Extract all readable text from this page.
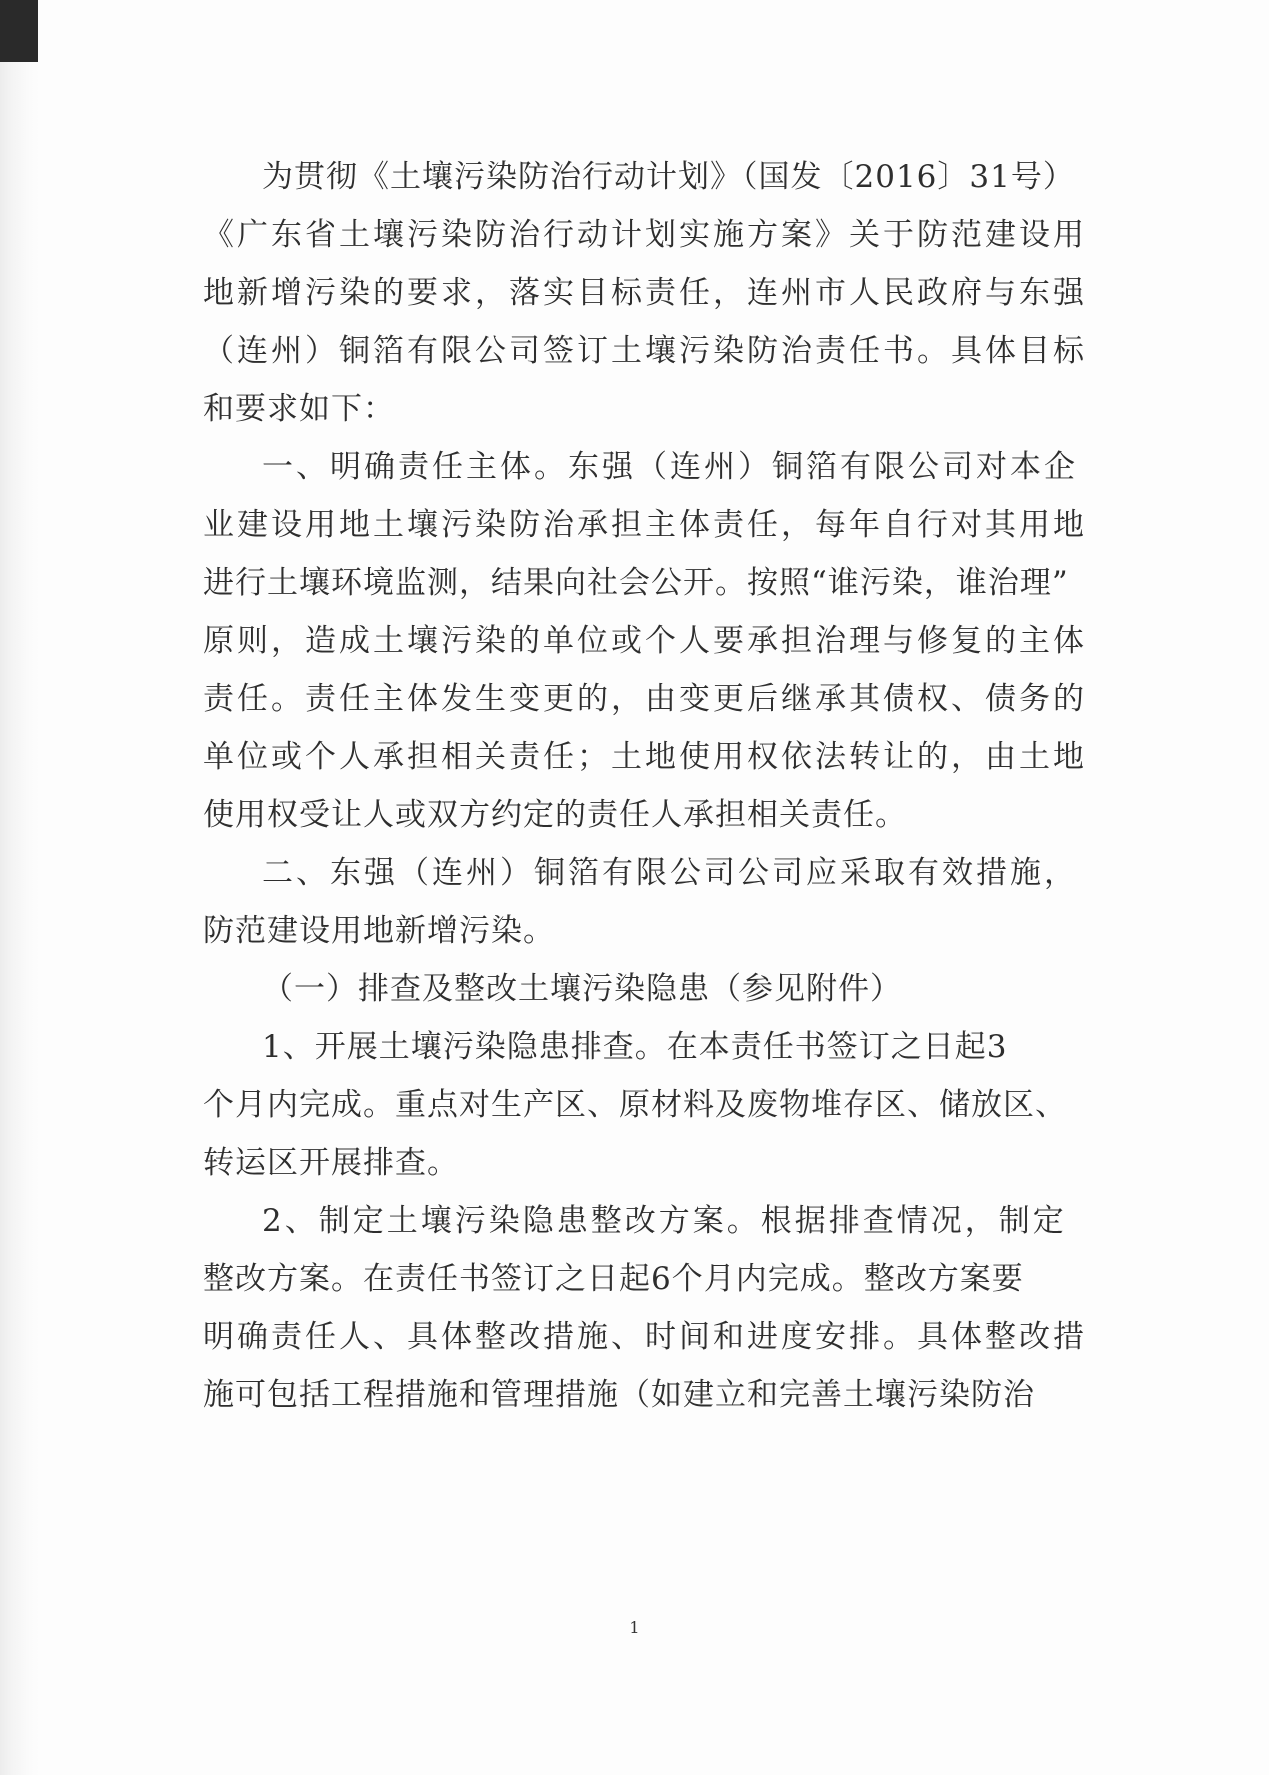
为贯彻《土壤污染防治行动计划》（国发〔2016〕31号）

《广东省土壤污染防治行动计划实施方案》关于防范建设用

地新增污染的要求，落实目标责任，连州市人民政府与东强

（连州）铜箔有限公司签订土壤污染防治责任书。具体目标

和要求如下：

一、明确责任主体。东强（连州）铜箔有限公司对本企

业建设用地土壤污染防治承担主体责任，每年自行对其用地

进行土壤环境监测，结果向社会公开。按照“谁污染，谁治理”

原则，造成土壤污染的单位或个人要承担治理与修复的主体

责任。责任主体发生变更的，由变更后继承其债权、债务的

单位或个人承担相关责任；土地使用权依法转让的，由土地

使用权受让人或双方约定的责任人承担相关责任。

二、东强（连州）铜箔有限公司公司应采取有效措施，

防范建设用地新增污染。

（一）排查及整改土壤污染隐患（参见附件）

1、开展土壤污染隐患排查。在本责任书签订之日起3

个月内完成。重点对生产区、原材料及废物堆存区、储放区、

转运区开展排查。

2、制定土壤污染隐患整改方案。根据排查情况，制定

整改方案。在责任书签订之日起6个月内完成。整改方案要

明确责任人、具体整改措施、时间和进度安排。具体整改措

施可包括工程措施和管理措施（如建立和完善土壤污染防治

1
